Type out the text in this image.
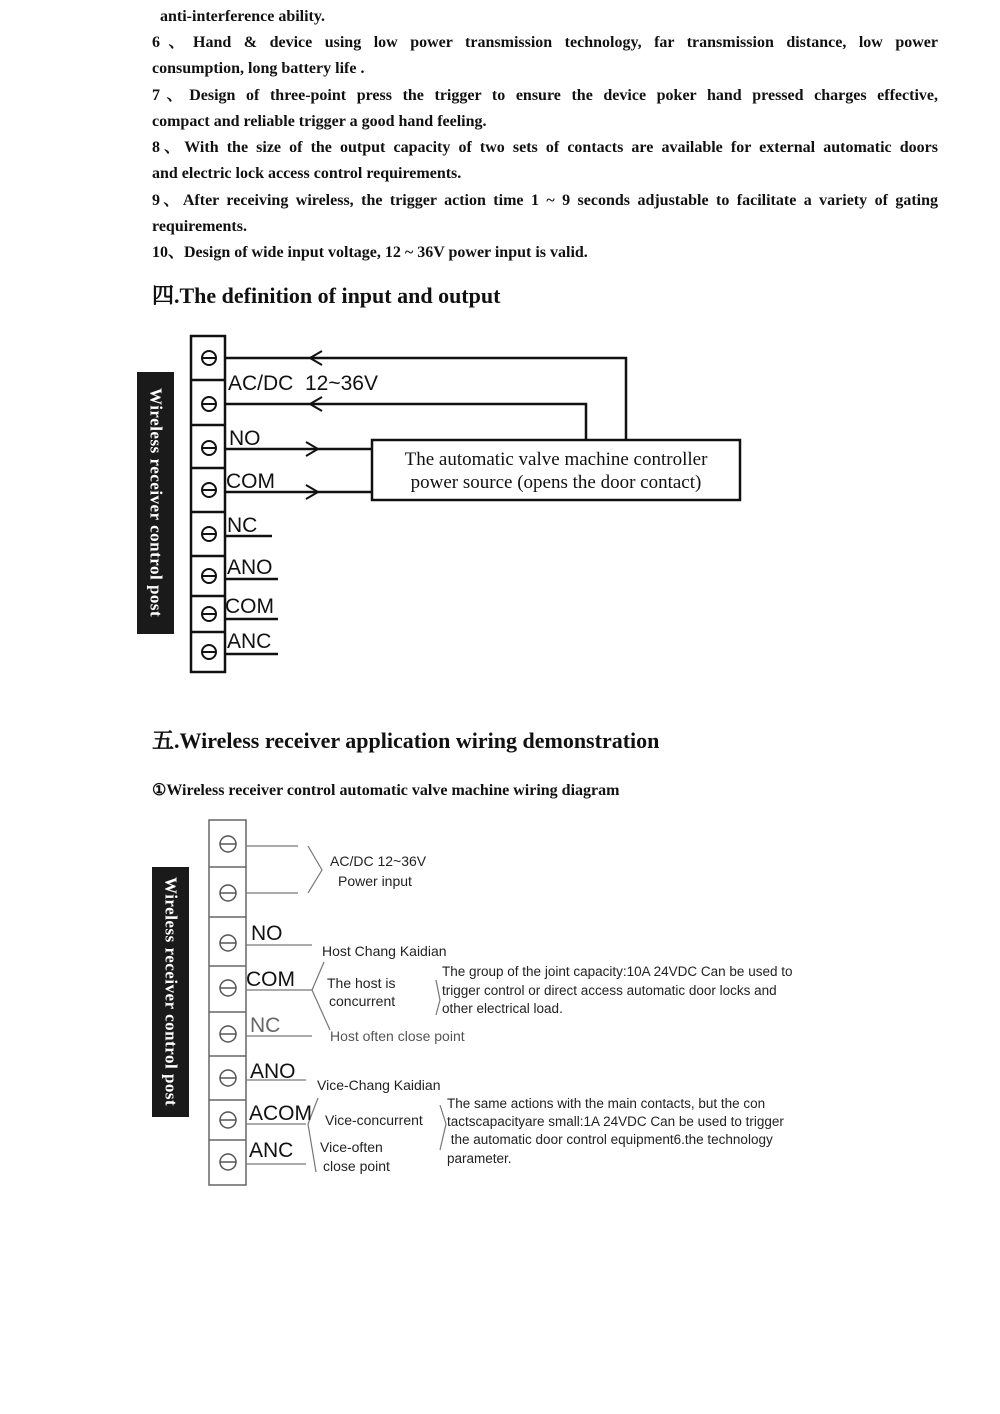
anti-interference ability.
6、Hand & device using low power transmission technology, far transmission distance, low power
consumption, long battery life .
7、Design of three-point press the trigger to ensure the device poker hand pressed charges effective,
compact and reliable trigger a good hand feeling.
8、With the size of the output capacity of two sets of contacts are available for external automatic doors
and electric lock access control requirements.
9、After receiving wireless, the trigger action time 1 ~ 9 seconds adjustable to facilitate a variety of gating
requirements.
10、Design of wide input voltage, 12 ~ 36V power input is valid.
四.The definition of input and output
Wireless receiver control post	The automatic valve machine controller
power source (opens the door contact)
AC/DC  12~36V
NO
COM
NC
ANO
COM
ANC
NO
COM
NC
ANO
ACOM
ANC
AC/DC 12~36V
Power input
Host Chang Kaidian
The host is
concurrent
Host often close point
Vice-Chang Kaidian
Vice-concurrent
Vice-often
close point
The group of the joint capacity:10A 24VDC Can be used to
trigger control or direct access automatic door locks and
other electrical load.
The same actions with the main contacts, but the con
tactscapacityare small:1A 24VDC Can be used to trigger
the automatic door control equipment6.the technology
parameter.
五.Wireless receiver application wiring demonstration
①Wireless receiver control automatic valve machine wiring diagram
Wireless receiver control post
